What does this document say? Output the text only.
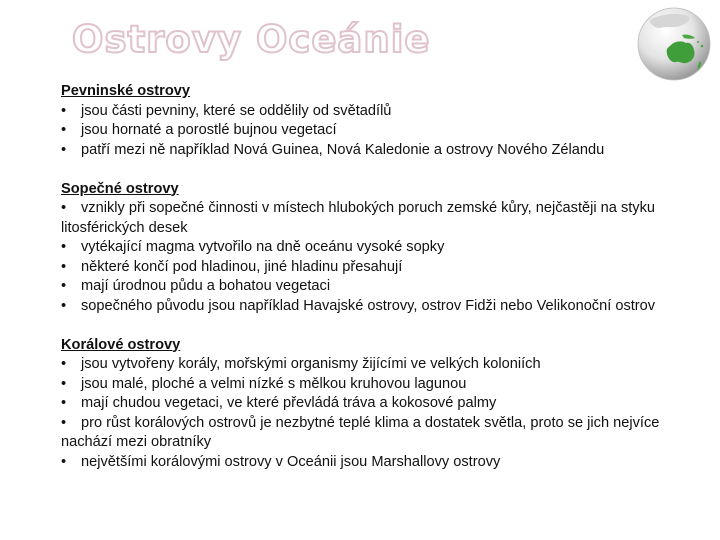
Ostrovy Oceánie
Pevninské ostrovy
• jsou části pevniny, které se oddělily od světadílů
• jsou hornaté a porostlé bujnou vegetací
• patří mezi ně například Nová Guinea, Nová Kaledonie a ostrovy Nového Zélandu
Sopečné ostrovy
• vznikly při sopečné činnosti v místech hlubokých poruch zemské kůry, nejčastěji na styku litosférických desek
• vytékající magma vytvořilo na dně oceánu vysoké sopky
• některé končí pod hladinou, jiné hladinu přesahují
• mají úrodnou půdu a bohatou vegetaci
• sopečného původu jsou například Havajské ostrovy, ostrov Fidži nebo Velikonoční ostrov
Korálové ostrovy
• jsou vytvořeny korály, mořskými organismy žijícími ve velkých koloniích
• jsou malé, ploché a velmi nízké s mělkou kruhovou lagunou
• mají chudou vegetaci, ve které převládá tráva a kokosové palmy
• pro růst korálových ostrovů je nezbytné teplé klima a dostatek světla, proto se jich nejvíce nachází mezi obratníky
• největšími korálovými ostrovy v Oceánii jsou Marshallovy ostrovy
